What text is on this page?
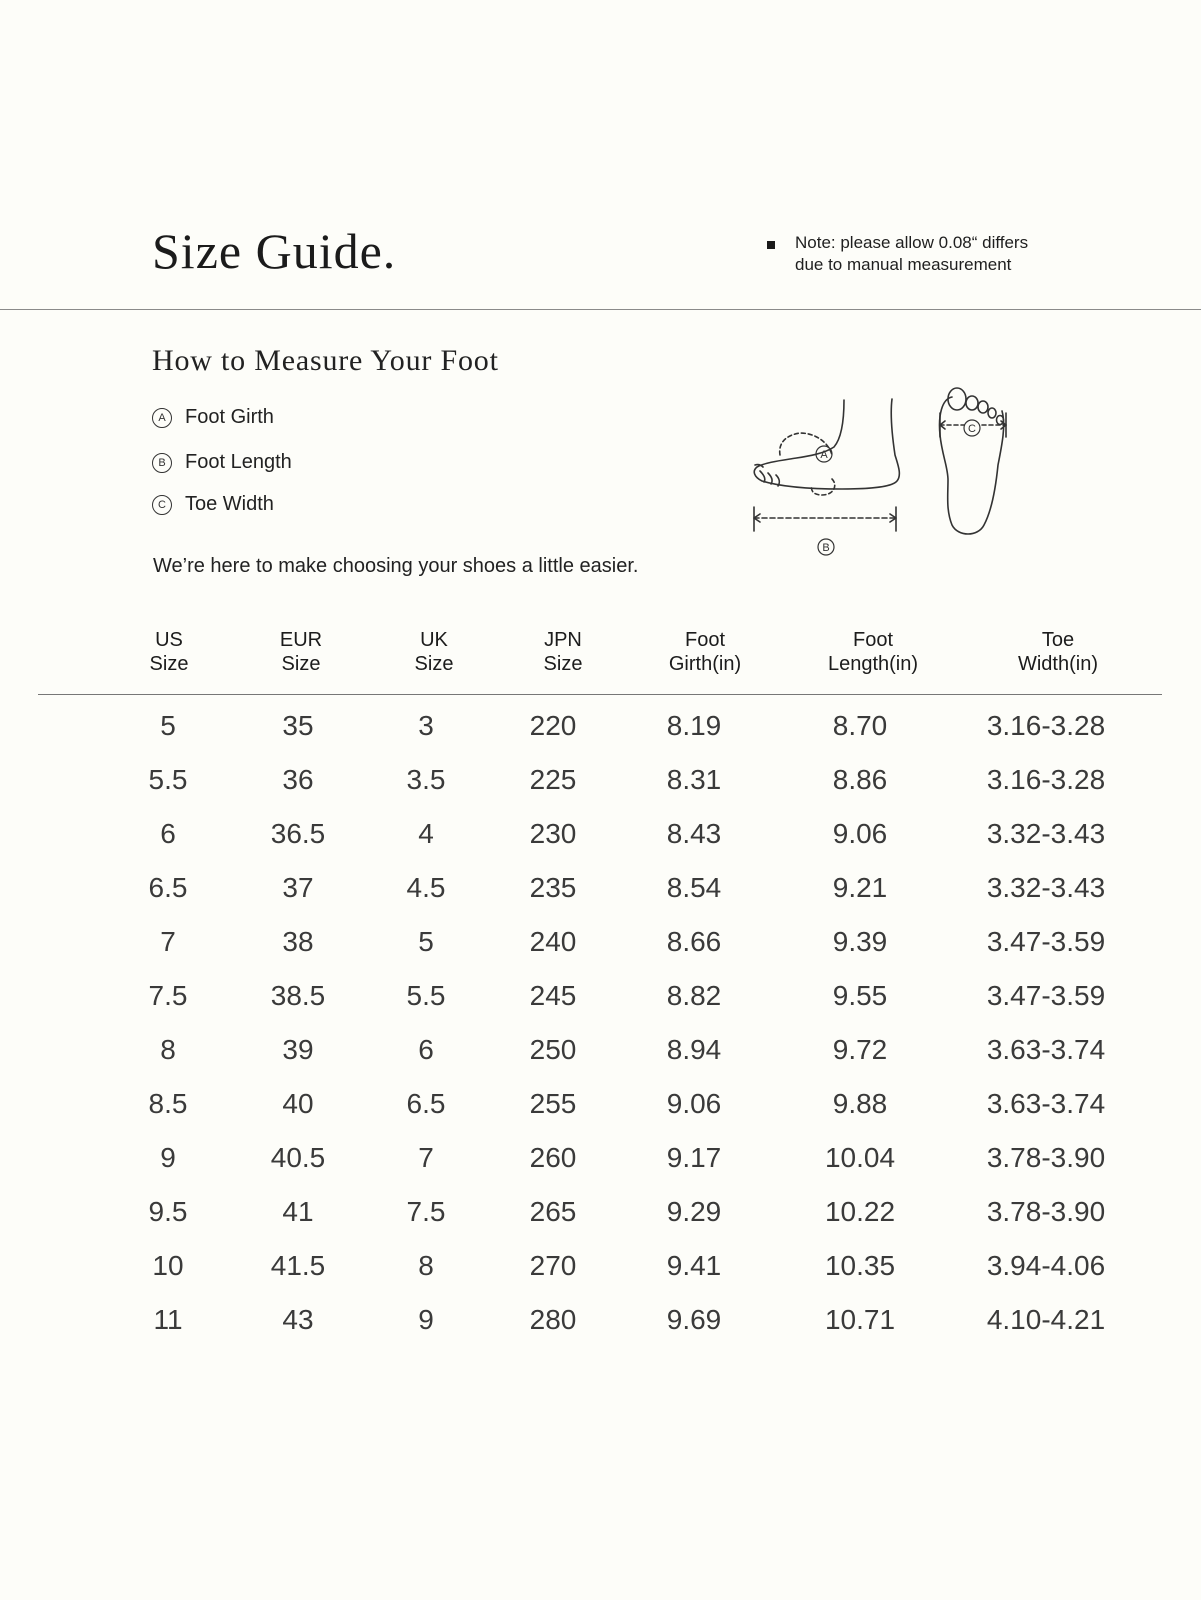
Size Guide.	Note: please allow 0.08“ differs
due to manual measurement
How to Measure Your Foot
A Foot Girth
B Foot Length
C Toe Width
We’re here to make choosing your shoes a little easier.
A
B
C
US
Size
EUR
Size
UK
Size
JPN
Size
Foot
Girth(in)
Foot
Length(in)
Toe
Width(in)
5	35	3	220	8.19	8.70	3.16-3.28
5.5	36	3.5	225	8.31	8.86	3.16-3.28
6	36.5	4	230	8.43	9.06	3.32-3.43
6.5	37	4.5	235	8.54	9.21	3.32-3.43
7	38	5	240	8.66	9.39	3.47-3.59
7.5	38.5	5.5	245	8.82	9.55	3.47-3.59
8	39	6	250	8.94	9.72	3.63-3.74
8.5	40	6.5	255	9.06	9.88	3.63-3.74
9	40.5	7	260	9.17	10.04	3.78-3.90
9.5	41	7.5	265	9.29	10.22	3.78-3.90
10	41.5	8	270	9.41	10.35	3.94-4.06
11	43	9	280	9.69	10.71	4.10-4.21
